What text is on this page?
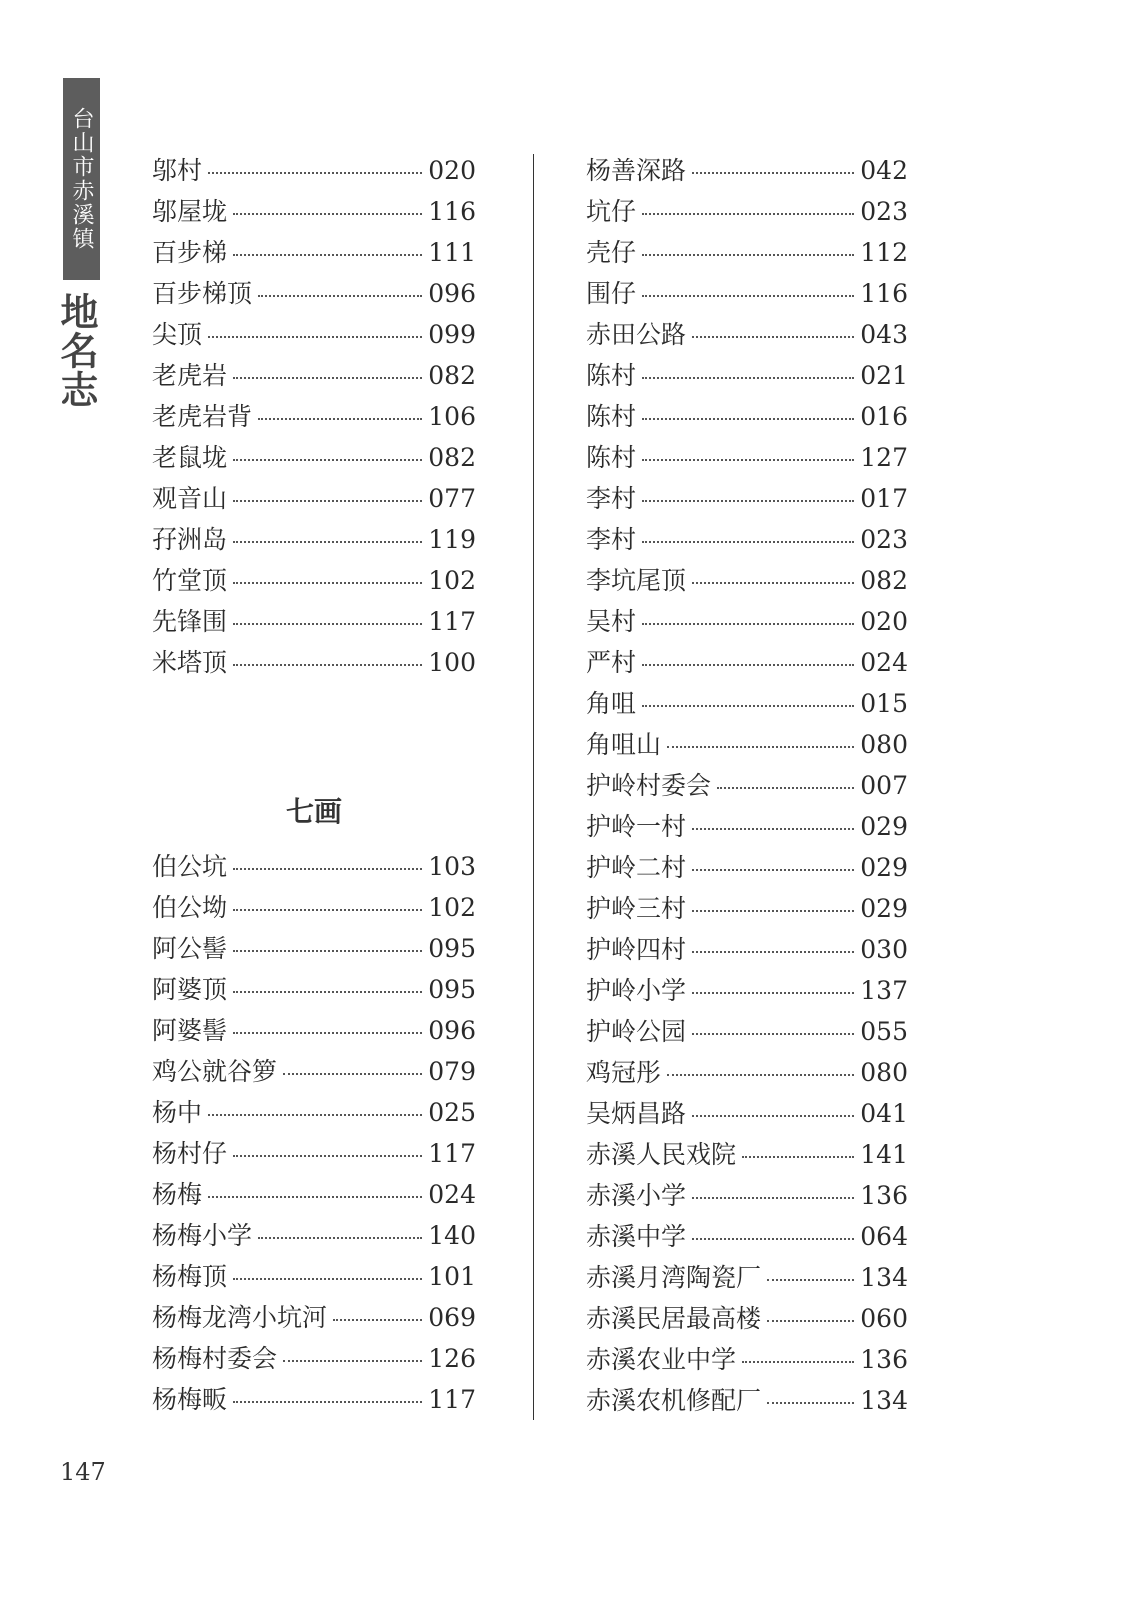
台山市赤溪镇
地名志
邬村	020
邬屋垅	116
百步梯	111
百步梯顶	096
尖顶	099
老虎岩	082
老虎岩背	106
老鼠垅	082
观音山	077
孖洲岛	119
竹堂顶	102
先锋围	117
米塔顶	100
七画
伯公坑	103
伯公坳	102
阿公髻	095
阿婆顶	095
阿婆髻	096
鸡公就谷箩	079
杨中	025
杨村仔	117
杨梅	024
杨梅小学	140
杨梅顶	101
杨梅龙湾小坑河	069
杨梅村委会	126
杨梅畈	117
杨善深路	042
坑仔	023
壳仔	112
围仔	116
赤田公路	043
陈村	021
陈村	016
陈村	127
李村	017
李村	023
李坑尾顶	082
吴村	020
严村	024
角咀	015
角咀山	080
护岭村委会	007
护岭一村	029
护岭二村	029
护岭三村	029
护岭四村	030
护岭小学	137
护岭公园	055
鸡冠彤	080
吴炳昌路	041
赤溪人民戏院	141
赤溪小学	136
赤溪中学	064
赤溪月湾陶瓷厂	134
赤溪民居最高楼	060
赤溪农业中学	136
赤溪农机修配厂	134
147
